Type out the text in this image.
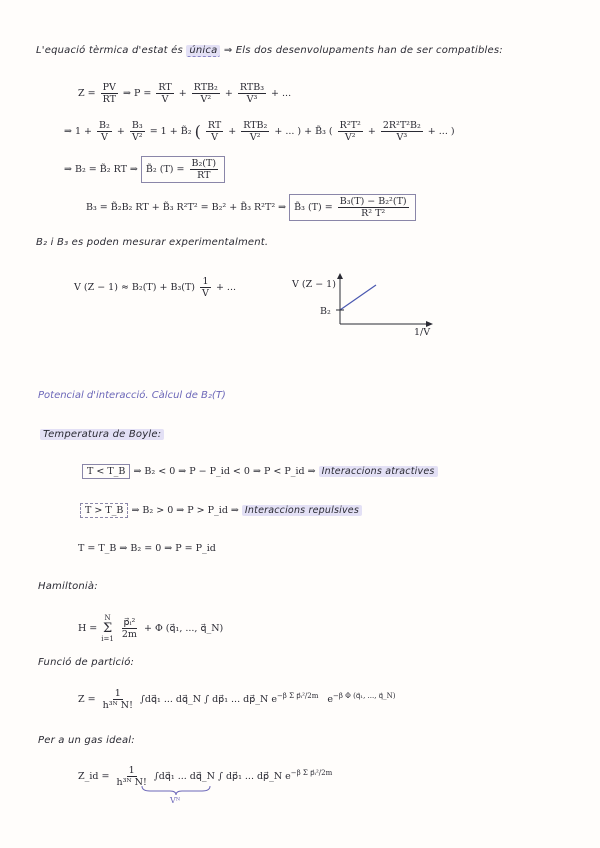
L'equació tèrmica d'estat és única ⇒ Els dos desenvolupaments han de ser compatibles:
$Z = \frac{PV}{RT}$ ⇒ $P = \frac{RT}{V} + \frac{\text{RTB₂}}{\text{V²}} + \frac{\text{RTB₃}}{\text{V³}}$ + ...
⇒ $1 + \frac{\text{B₂}}{V} + \frac{\text{B₃}}{\text{V²}} = 1$ + B̃₂ ( $\frac{RT}{V} + \frac{\text{RTB₂}}{\text{V²}}$ + ... ) + B̃₃ ( $\frac{\text{R²T²}}{\text{V²}} + \frac{\text{2R²T²B₂}}{\text{V³}}$ + ... )
⇒ B₂ = B̃₂ RT ⇒ B̃₂ $(T) = \frac{\text{B₂(T)}}{RT}$
B₃ = B̃₂B₂ RT + B̃₃ R²T² = B₂² + B̃₃ R²T² ⇒ B̃₃ $(T) = \frac{\text{B₃(T) − B₂²(T)}}{\text{R² T²}}$
B₂ i B₃ es poden mesurar experimentalment.
V $(Z - 1) \approx B_2(T) + B_3(T) \frac{1}{V}$ + ...	V (Z − 1)
B₂
1/V
Potencial d'interacció. Càlcul de B₂(T)
Temperatura de Boyle:
T < T_B ⇒ B₂ < 0 ⇒ P − P_id < 0 ⇒ P < P_id ⇒ Interaccions atractives
T > T_B ⇒ B₂ > 0 ⇒ P > P_id ⇒ Interaccions repulsives
T = T_B ⇒ B₂ = 0 ⇒ P = P_id
Hamiltonià:
H =
N
Σ
i=1
$\frac{\text{p⃗ᵢ²}}{2m} + \Phi$ (q⃗₁, ..., q⃗_N)
Funció de partició:
$Z = \frac{1}{\text{h³ᴺ N!}}$ ∫dq⃗₁ ... dq⃗_N ∫ dp⃗₁ ... dp⃗_N $e^{-\beta \Sigma p⃗ᵢ^2/2m}$ $e^{-\beta \Phi (q⃗_1, ..., q⃗\_N)}$
Per a un gas ideal:
Z_id = $\frac{1}{\text{h³ᴺ N!}}$ ∫dq⃗₁ ... dq⃗_N ∫ dp⃗₁ ... dp⃗_N $e^{-\beta \Sigma p⃗ᵢ^2/2m}$
Vᴺ
